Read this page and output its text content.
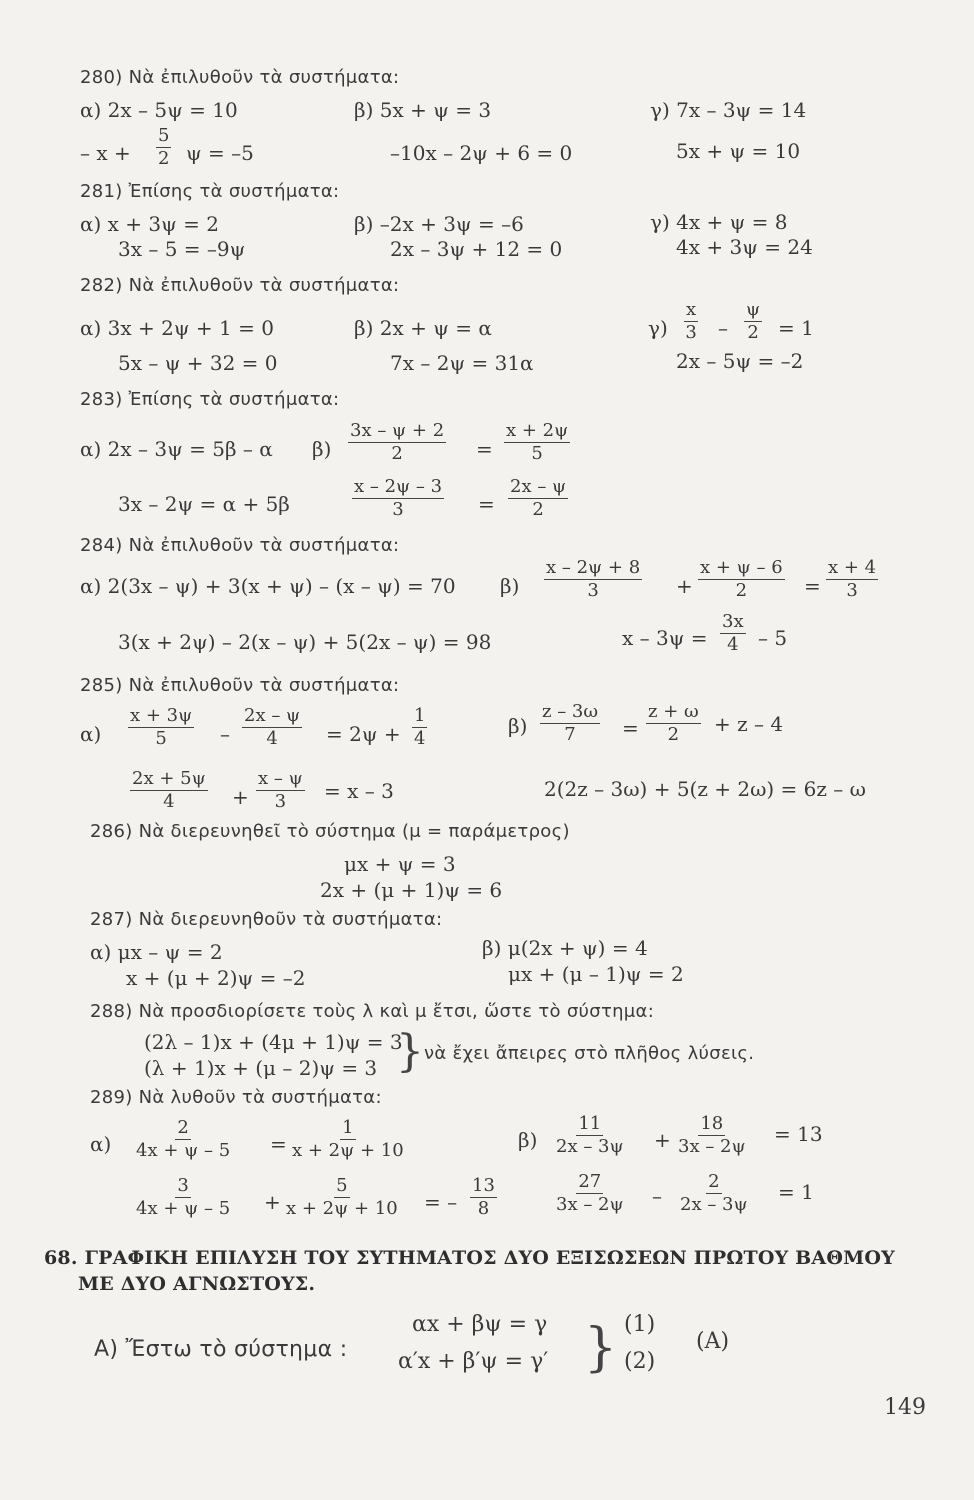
280) Νὰ ἐπιλυθοῦν τὰ συστήματα:
α) 2x – 5ψ = 10
– $x + \frac{5}{2}$ ψ = –5
β) 5x + ψ = 3
–10x – 2ψ + 6 = 0
γ) 7x – 3ψ = 14
5x + ψ = 10
281) Ἐπίσης τὰ συστήματα:
α) x + 3ψ = 2
3x – 5 = –9ψ
β) –2x + 3ψ = –6
2x – 3ψ + 12 = 0
γ) 4x + ψ = 8
4x + 3ψ = 24
282) Νὰ ἐπιλυθοῦν τὰ συστήματα:
α) 3x + 2ψ + 1 = 0
5x – ψ + 32 = 0
β) 2x + ψ = α
7x – 2ψ = 31α
$\gamma) \frac{x}{3} - \frac{\psi}{2} = 1$
2x – 5ψ = –2
283) Ἐπίσης τὰ συστήματα:
α) 2x – 3ψ = 5β – α
3x – 2ψ = α + 5β
$\beta) \frac{3x - \psi + 2}{2} = \frac{x + 2\psi}{5}$
$\frac{x - 2\psi - 3}{3} = \frac{2x - \psi}{2}$
284) Νὰ ἐπιλυθοῦν τὰ συστήματα:
α) 2(3x – ψ) + 3(x + ψ) – (x – ψ) = 70
3(x + 2ψ) – 2(x – ψ) + 5(2x – ψ) = 98
$\beta) \frac{x - 2\psi + 8}{3} + \frac{x + \psi - 6}{2} = \frac{x + 4}{3}$
$x - 3\psi = \frac{3x}{4} - 5$
285) Νὰ ἐπιλυθοῦν τὰ συστήματα:
$\alpha) \frac{x + 3\psi}{5} - \frac{2x - \psi}{4} = 2\psi + \frac{1}{4}$
$\frac{2x + 5\psi}{4} + \frac{x - \psi}{3} = x - 3$
$\beta) \frac{z - 3\omega}{7} = \frac{z + \omega}{2} + z - 4$
2(2z – 3ω) + 5(z + 2ω) = 6z – ω
286) Νὰ διερευνηθεῖ τὸ σύστημα (μ = παράμετρος)
μx + ψ = 3
2x + (μ + 1)ψ = 6
287) Νὰ διερευνηθοῦν τὰ συστήματα:
α) μx – ψ = 2
x + (μ + 2)ψ = –2
β) μ(2x + ψ) = 4
μx + (μ – 1)ψ = 2
288) Νὰ προσδιορίσετε τοὺς λ καὶ μ ἔτσι, ὥστε τὸ σύστημα:
(2λ – 1)x + (4μ + 1)ψ = 3
(λ + 1)x + (μ – 2)ψ = 3 } νὰ ἔχει ἄπειρες στὸ πλῆθος λύσεις.
289) Νὰ λυθοῦν τὰ συστήματα:
$\alpha) \frac{2}{4x + \psi - 5} = \frac{1}{x + 2\psi + 10}$
$\frac{3}{4x + \psi - 5} + \frac{5}{x + 2\psi + 10}$ = – $\frac{13}{8}$
$\beta) \frac{11}{2x - 3\psi} + \frac{18}{3x - 2\psi} = 13$
$\frac{27}{3x - 2\psi} - \frac{2}{2x - 3\psi} = 1$
68. ΓΡΑΦΙΚΗ ΕΠΙΛΥΣΗ ΤΟΥ ΣΥΤΗΜΑΤΟΣ ΔΥΟ ΕΞΙΣΩΣΕΩΝ ΠΡΩΤΟΥ ΒΑΘΜΟΥ
ΜΕ ΔΥΟ ΑΓΝΩΣΤΟΥΣ.
Α) Ἔστω τὸ σύστημα :
αx + βψ = γ
α′x + β′ψ = γ′ } (1)
(2)
(Α)
149
